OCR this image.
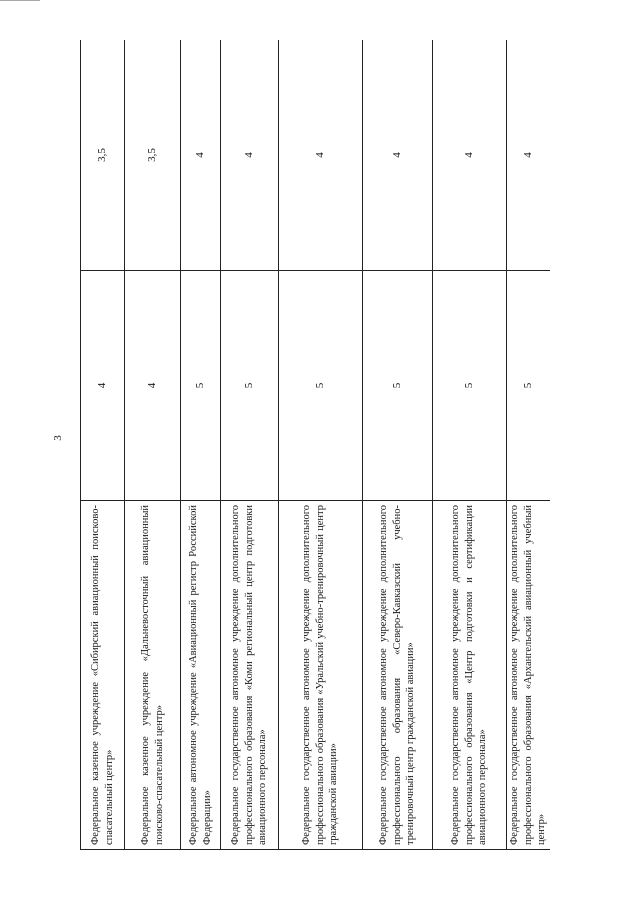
3
Федеральное казенное учреждение «Сибирский авиационный поисково-спасательный центр»	4	3,5
Федеральное казенное учреждение «Дальневосточный авиационный поисково-спасательный центр»	4	3,5
Федеральное автономное учреждение «Авиационный регистр Российской Федерации»	5	4
Федеральное государственное автономное учреждение дополнительного профессионального образования «Коми региональный центр подготовки авиационного персонала»	5	4
Федеральное государственное автономное учреждение дополнительного профессионального образования «Уральский учебно-тренировочный центр гражданской авиации»	5	4
Федеральное государственное автономное учреждение дополнительного профессионального образования «Северо-Кавказский учебно-тренировочный центр гражданской авиации»	5	4
Федеральное государственное автономное учреждение дополнительного профессионального образования «Центр подготовки и сертификации авиационного персонала»	5	4
Федеральное государственное автономное учреждение дополнительного профессионального образования «Архангельский авиационный учебный центр»	5	4
